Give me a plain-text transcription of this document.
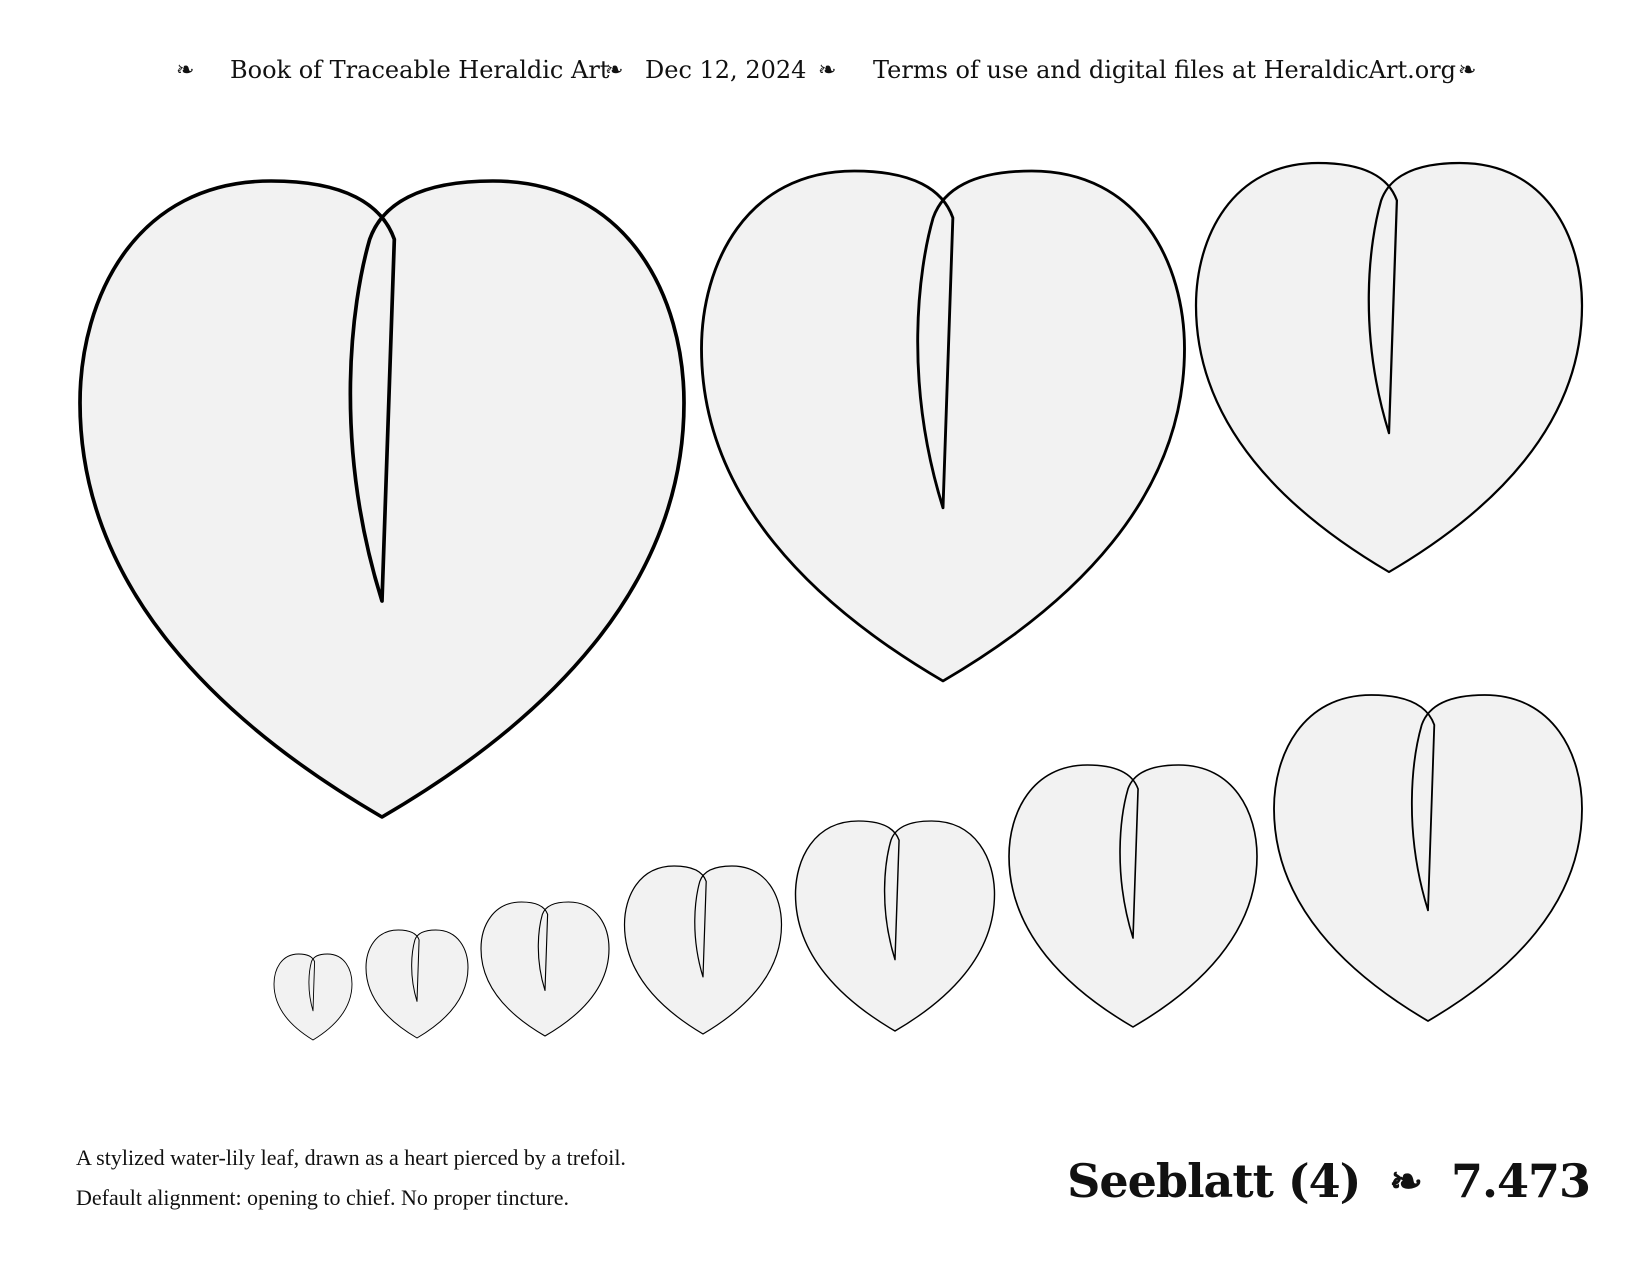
❧ Book of Traceable Heraldic Art
❧ Dec 12, 2024 ❧ Terms of use and digital files at HeraldicArt.org ❧
A stylized water-lily leaf, drawn as a heart pierced by a trefoil.
Default alignment: opening to chief. No proper tincture.	Seeblatt (4) ❧ 7.473
